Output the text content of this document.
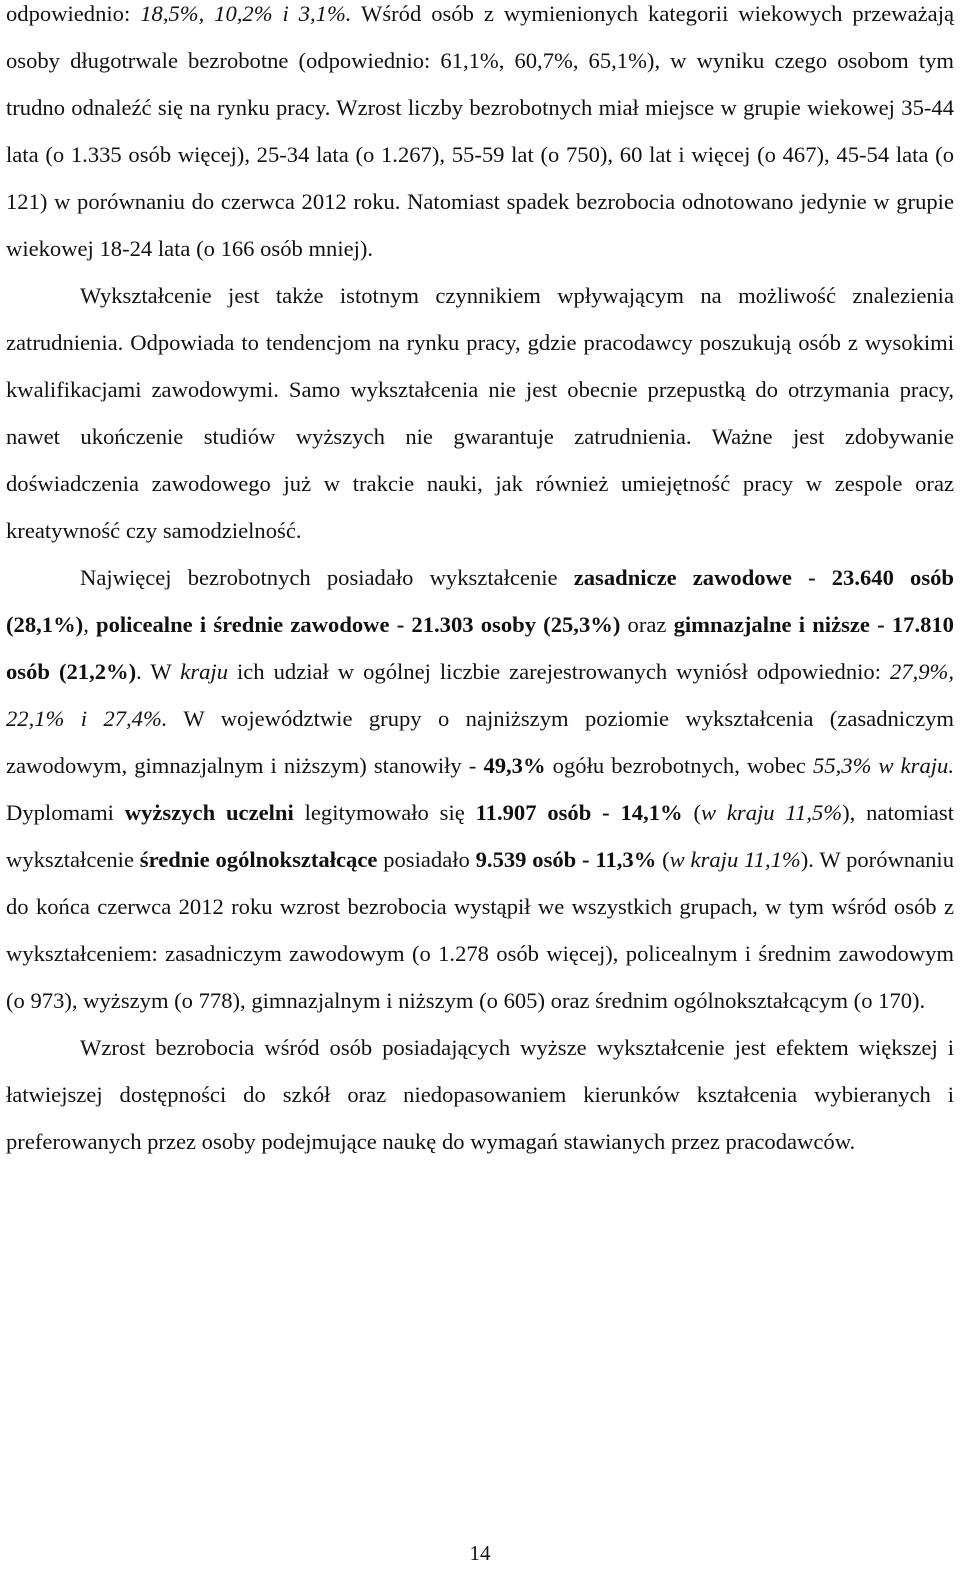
odpowiednio: 18,5%, 10,2% i 3,1%. Wśród osób z wymienionych kategorii wiekowych przeważają osoby długotrwale bezrobotne (odpowiednio: 61,1%, 60,7%, 65,1%), w wyniku czego osobom tym trudno odnaleźć się na rynku pracy. Wzrost liczby bezrobotnych miał miejsce w grupie wiekowej 35-44 lata (o 1.335 osób więcej), 25-34 lata (o 1.267), 55-59 lat (o 750), 60 lat i więcej (o 467), 45-54 lata (o 121) w porównaniu do czerwca 2012 roku. Natomiast spadek bezrobocia odnotowano jedynie w grupie wiekowej 18-24 lata (o 166 osób mniej).

Wykształcenie jest także istotnym czynnikiem wpływającym na możliwość znalezienia zatrudnienia. Odpowiada to tendencjom na rynku pracy, gdzie pracodawcy poszukują osób z wysokimi kwalifikacjami zawodowymi. Samo wykształcenia nie jest obecnie przepustką do otrzymania pracy, nawet ukończenie studiów wyższych nie gwarantuje zatrudnienia. Ważne jest zdobywanie doświadczenia zawodowego już w trakcie nauki, jak również umiejętność pracy w zespole oraz kreatywność czy samodzielność.

Najwięcej bezrobotnych posiadało wykształcenie zasadnicze zawodowe - 23.640 osób (28,1%), policealne i średnie zawodowe - 21.303 osoby (25,3%) oraz gimnazjalne i niższe - 17.810 osób (21,2%). W kraju ich udział w ogólnej liczbie zarejestrowanych wyniósł odpowiednio: 27,9%, 22,1% i 27,4%. W województwie grupy o najniższym poziomie wykształcenia (zasadniczym zawodowym, gimnazjalnym i niższym) stanowiły - 49,3% ogółu bezrobotnych, wobec 55,3% w kraju. Dyplomami wyższych uczelni legitymowało się 11.907 osób - 14,1% (w kraju 11,5%), natomiast wykształcenie średnie ogólnokształcące posiadało 9.539 osób - 11,3% (w kraju 11,1%). W porównaniu do końca czerwca 2012 roku wzrost bezrobocia wystąpił we wszystkich grupach, w tym wśród osób z wykształceniem: zasadniczym zawodowym (o 1.278 osób więcej), policealnym i średnim zawodowym (o 973), wyższym (o 778), gimnazjalnym i niższym (o 605) oraz średnim ogólnokształcącym (o 170).

Wzrost bezrobocia wśród osób posiadających wyższe wykształcenie jest efektem większej i łatwiejszej dostępności do szkół oraz niedopasowaniem kierunków kształcenia wybieranych i preferowanych przez osoby podejmujące naukę do wymagań stawianych przez pracodawców.

14
